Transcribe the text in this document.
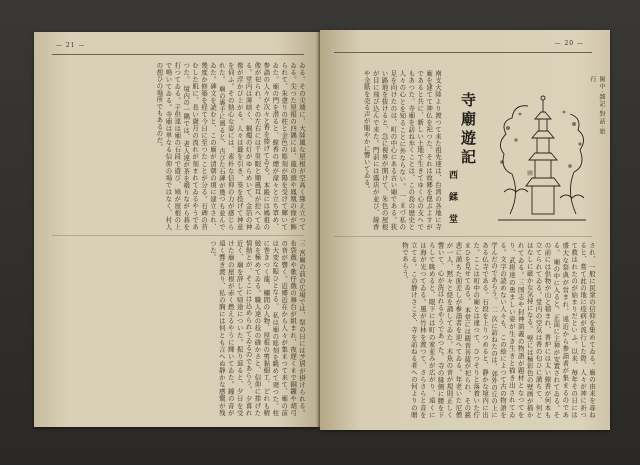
— 21 —
ゐる。その尖端に、大陸風な屋根が空高く聳え立つてゐる。尖つた屋根の四隅には、龍の頭や鳳凰の像が飾られて、朱塗りの柱と金色の彫刻が陽を受けて輝いてゐた。廟の門を潜ると、線香の煙が濛々と立ち罩め、参詣の人々が次々と香を捧げてゐる。 本殿には媽祖の像が祀られ、その左右には千里眼と順風耳が控へてゐる。堂内は薄暗く、蝋燭の灯がゆらめいて、金箔の神像が浮かび上がる。人々は籤を引き、筊を投げて神意を伺ふ。その熱心な姿には、素朴な信仰の力が感じられた。 廟の裏手に廻ると、古びた石碑が幾つも並んでゐた。碑文を読むと、この廟が清朝の頃に建立され、幾度か修築を経て今日に至つたことが分る。石碑の苔むした肌に、長い歳月の流れが刻まれてゐるやうであつた。 境内の一隅では、老人達が茶を啜りながら碁を打つてゐる。子供達は廟の石段で遊び、鳩が屋根の上で鳴いてゐる。寺廟は単なる信仰の場ではなく、村人の憩ひの場所でもあるのだ。
三 宮廟の前の広場では、祭の日には芝居が掛けられる。布袋戲や歌仔戲の舞台が組まれ、夜遅くまで銅鑼や胡弓の音が響く。近郷近在から人々が集まつて来て、廟の前は大変な賑ひとなる。 私は廟の彫刻を眺めて廻つた。柱に巻きつく龍、欄間の人物、屋根の剪黏細工、どれも精緻を極めてゐる。職人達の技の確かさと、信仰に捧げた情熱とが、そこには込められてゐるのであらう。 夕暮れ近く、廟を辞して帰途についた。振り返ると、夕日を受けた廟の屋根が赤く燃えるやうに輝いてゐた。鐘の音が遠く響き渡り、私の胸には何とも言へぬ静かな感慨が残つた。
— 20 —
圖
閑中·雜記·對話·旅行
寺廟遊記
西 鍒 堂
南支大陸より渡つて来た祖先達は、台湾の各地に寺廟を建てて神仏を祀つた。それは故郷を偲ぶよすがであると共に、新しい土地で生きてゆく心の支へでもあつた。寺廟を訪ね歩くことは、この島の歴史と人々の心とを知ることに外ならない。 一 まづ私の足を向けたのは、町の中心にある古い廟である。狭い路地を抜けると、急に視界が開けて、朱色の屋根が目に飛び込んで来た。門前には露店が並び、線香や金紙を売る声が賑やかに響いてゐる。
され、一般に民衆の信仰を集めてゐる。廟の由来を尋ねると、嘗て此の地に疫病が流行した際、人々が神に祈つて救はれたのが始まりだといふ。以来、毎年その日には盛大な祭典が営まれ、遠近から参詣者が集まるのである。 廟の中に入ると、正面に主神が安置されてゐる。その前には供物が山と積まれ、香炉には太い線香が何本も立てられてゐる。堂内の空気は香の匂ひに満ちて、何とはなしに厳かな気持になる。 壁には極彩色の壁画が描かれてゐる。三国志や封神演義の物語が題材となつてをり、武将達の勇ましい姿が生き生きと描き出されてゐる。文字の読めない人々も、この絵によつて古の物語を学んだのであらう。 二 次に訪ねたのは、郊外の丘の上にある仏寺である。石段を上りつめると、静かな境内に出た。ここは町中の廟とは違つて、ひつそりと落着いた佇まひを見せてゐる。 本堂には観音菩薩が祀られ、その慈悲に満ちた面差しが参詣者を迎へてゐる。年老いた尼僧が一人、黙々と経を誦してゐた。木魚の音が規則正しく響いて、心が洗はれるやうであつた。 寺の縁側に腰を下ろして眺めると、眼下には町の家並みが広がり、遠くには海が光つてゐる。風が竹林を渡つて、さらさらと音を立てる。この静けさこそ、寺を訪ねる者への何よりの贈物であらう。
